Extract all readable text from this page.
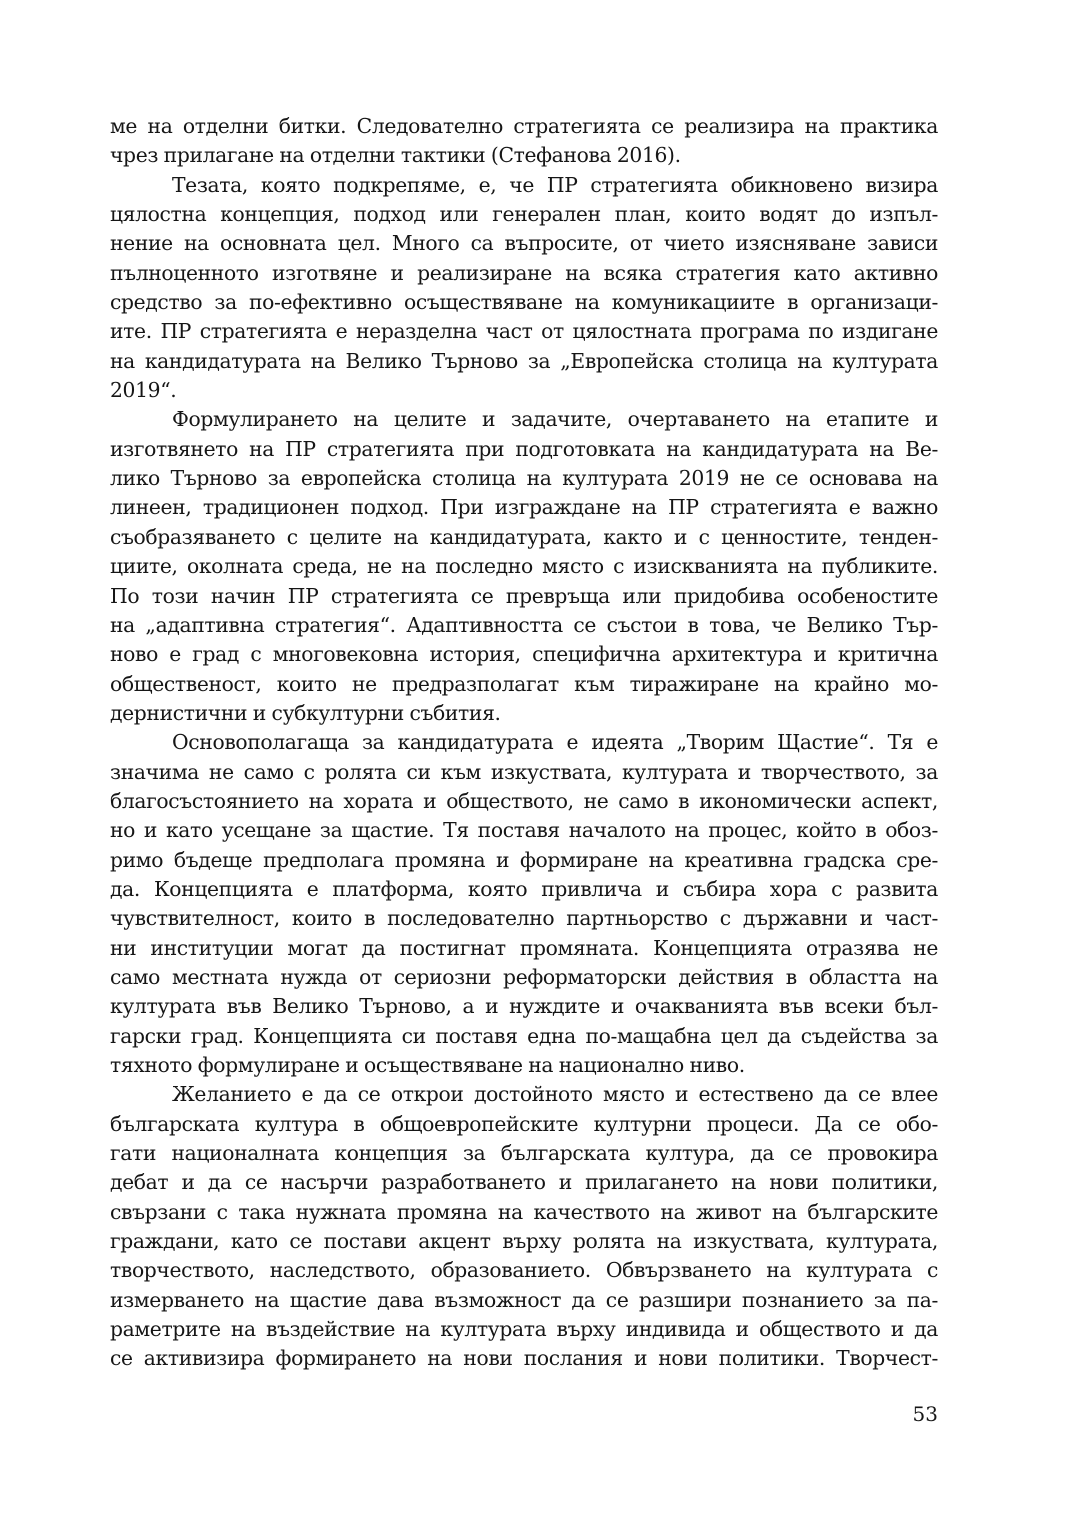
ме на отделни битки. Следователно стратегията се реализира на практика
чрез прилагане на отделни тактики (Стефанова 2016).
Тезата, която подкрепяме, е, че ПР стратегията обикновено визира
цялостна концепция, подход или генерален план, които водят до изпъл-
нение на основната цел. Много са въпросите, от чието изясняване зависи
пълноценното изготвяне и реализиране на всяка стратегия като активно
средство за по-ефективно осъществяване на комуникациите в организаци-
ите. ПР стратегията е неразделна част от цялостната програма по издигане
на кандидатурата на Велико Търново за „Европейска столица на културата
2019“.
Формулирането на целите и задачите, очертаването на етапите и
изготвянето на ПР стратегията при подготовката на кандидатурата на Ве-
лико Търново за европейска столица на културата 2019 не се основава на
линеен, традиционен подход. При изграждане на ПР стратегията е важно
съобразяването с целите на кандидатурата, както и с ценностите, тенден-
циите, околната среда, не на последно място с изискванията на публиките.
По този начин ПР стратегията се превръща или придобива особеностите
на „адаптивна стратегия“. Адаптивността се състои в това, че Велико Тър-
ново е град с многовековна история, специфична архитектура и критична
общественост, които не предразполагат към тиражиране на крайно мо-
дернистични и субкултурни събития.
Основополагаща за кандидатурата е идеята „Творим Щастие“. Тя е
значима не само с ролята си към изкуствата, културата и творчеството, за
благосъстоянието на хората и обществото, не само в икономически аспект,
но и като усещане за щастие. Тя поставя началото на процес, който в обоз-
римо бъдеще предполага промяна и формиране на креативна градска сре-
да. Концепцията е платформа, която привлича и събира хора с развита
чувствителност, които в последователно партньорство с държавни и част-
ни институции могат да постигнат промяната. Концепцията отразява не
само местната нужда от сериозни реформаторски действия в областта на
културата във Велико Търново, а и нуждите и очакванията във всеки бъл-
гарски град. Концепцията си поставя една по-мащабна цел да съдейства за
тяхното формулиране и осъществяване на национално ниво.
Желанието е да се открои достойното място и естествено да се влее
българската култура в общоевропейските културни процеси. Да се обо-
гати националната концепция за българската култура, да се провокира
дебат и да се насърчи разработването и прилагането на нови политики,
свързани с така нужната промяна на качеството на живот на българските
граждани, като се постави акцент върху ролята на изкуствата, културата,
творчеството, наследството, образованието. Обвързването на културата с
измерването на щастие дава възможност да се разшири познанието за па-
раметрите на въздействие на културата върху индивида и обществото и да
се активизира формирането на нови послания и нови политики. Творчест-
53
